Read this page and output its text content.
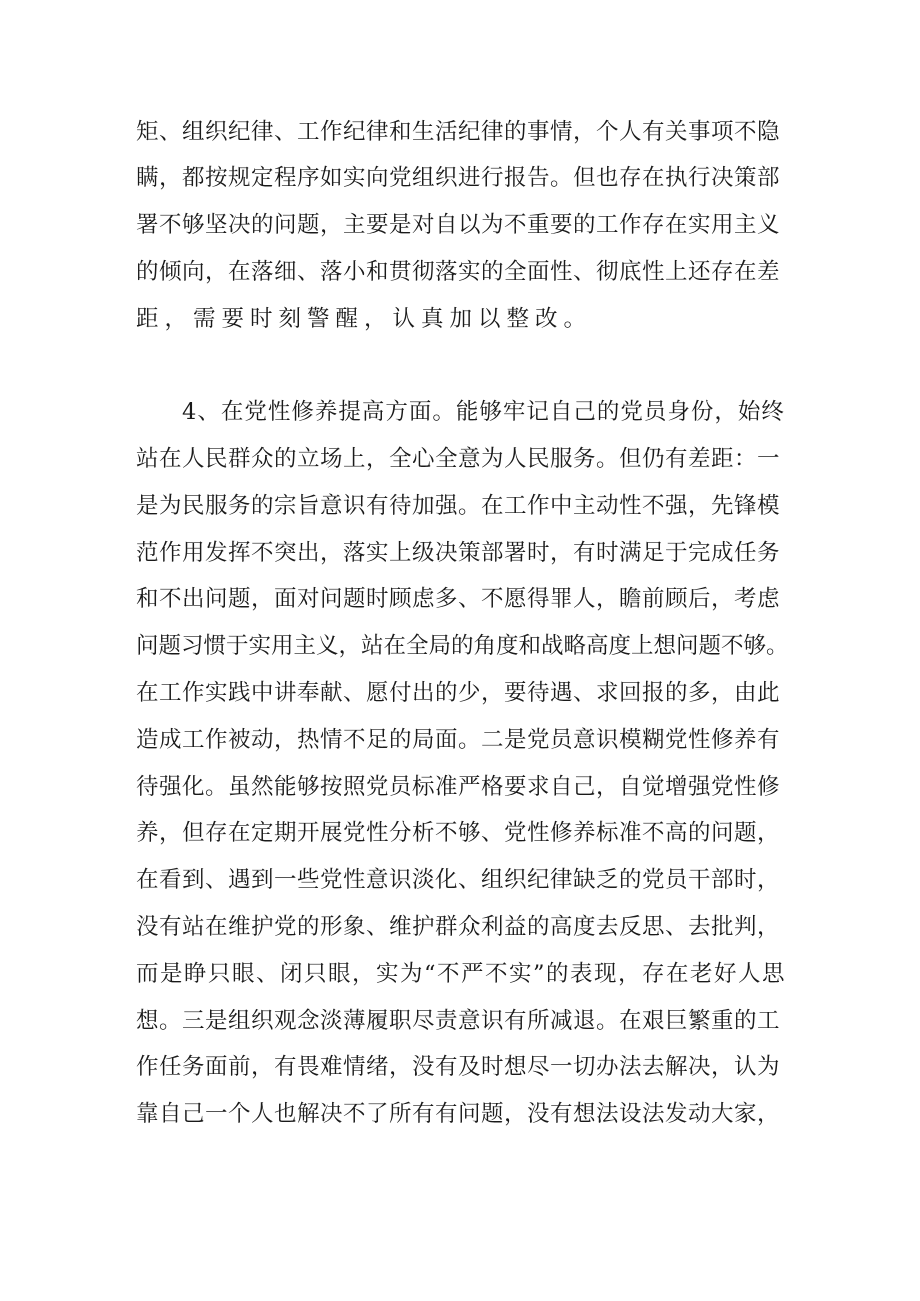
矩、组织纪律、工作纪律和生活纪律的事情，个人有关事项不隐
瞒，都按规定程序如实向党组织进行报告。但也存在执行决策部
署不够坚决的问题，主要是对自以为不重要的工作存在实用主义
的倾向，在落细、落小和贯彻落实的全面性、彻底性上还存在差
距，需要时刻警醒，认真加以整改。
4、在党性修养提高方面。能够牢记自己的党员身份，始终
站在人民群众的立场上，全心全意为人民服务。但仍有差距：一
是为民服务的宗旨意识有待加强。在工作中主动性不强，先锋模
范作用发挥不突出，落实上级决策部署时，有时满足于完成任务
和不出问题，面对问题时顾虑多、不愿得罪人，瞻前顾后，考虑
问题习惯于实用主义，站在全局的角度和战略高度上想问题不够。
在工作实践中讲奉献、愿付出的少，要待遇、求回报的多，由此
造成工作被动，热情不足的局面。二是党员意识模糊党性修养有
待强化。虽然能够按照党员标准严格要求自己，自觉增强党性修
养，但存在定期开展党性分析不够、党性修养标准不高的问题，
在看到、遇到一些党性意识淡化、组织纪律缺乏的党员干部时，
没有站在维护党的形象、维护群众利益的高度去反思、去批判，
而是睁只眼、闭只眼，实为“不严不实”的表现，存在老好人思
想。三是组织观念淡薄履职尽责意识有所减退。在艰巨繁重的工
作任务面前，有畏难情绪，没有及时想尽一切办法去解决，认为
靠自己一个人也解决不了所有有问题，没有想法设法发动大家，
